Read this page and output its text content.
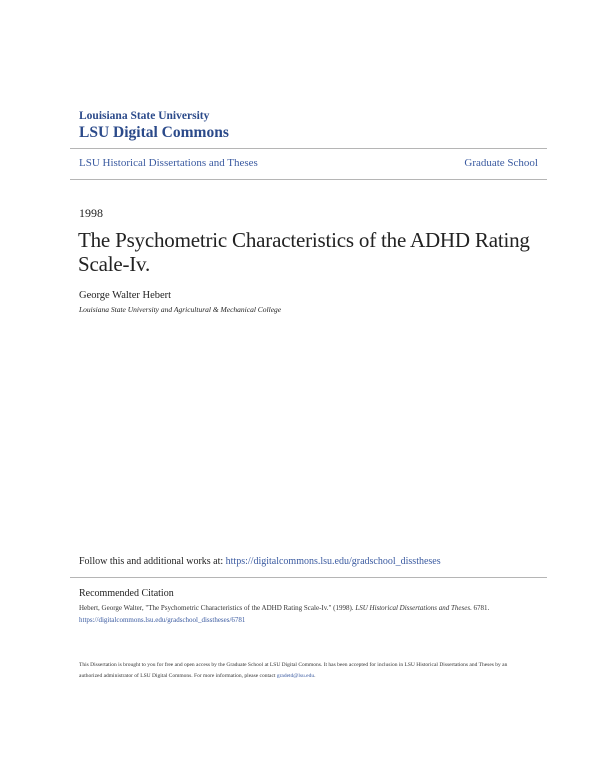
Louisiana State University
LSU Digital Commons
LSU Historical Dissertations and Theses	Graduate School
1998
The Psychometric Characteristics of the ADHD Rating Scale-Iv.
George Walter Hebert
Louisiana State University and Agricultural & Mechanical College
Follow this and additional works at: https://digitalcommons.lsu.edu/gradschool_disstheses
Recommended Citation
Hebert, George Walter, "The Psychometric Characteristics of the ADHD Rating Scale-Iv." (1998). LSU Historical Dissertations and Theses. 6781.
https://digitalcommons.lsu.edu/gradschool_disstheses/6781
This Dissertation is brought to you for free and open access by the Graduate School at LSU Digital Commons. It has been accepted for inclusion in LSU Historical Dissertations and Theses by an authorized administrator of LSU Digital Commons. For more information, please contact gradetd@lsu.edu.
